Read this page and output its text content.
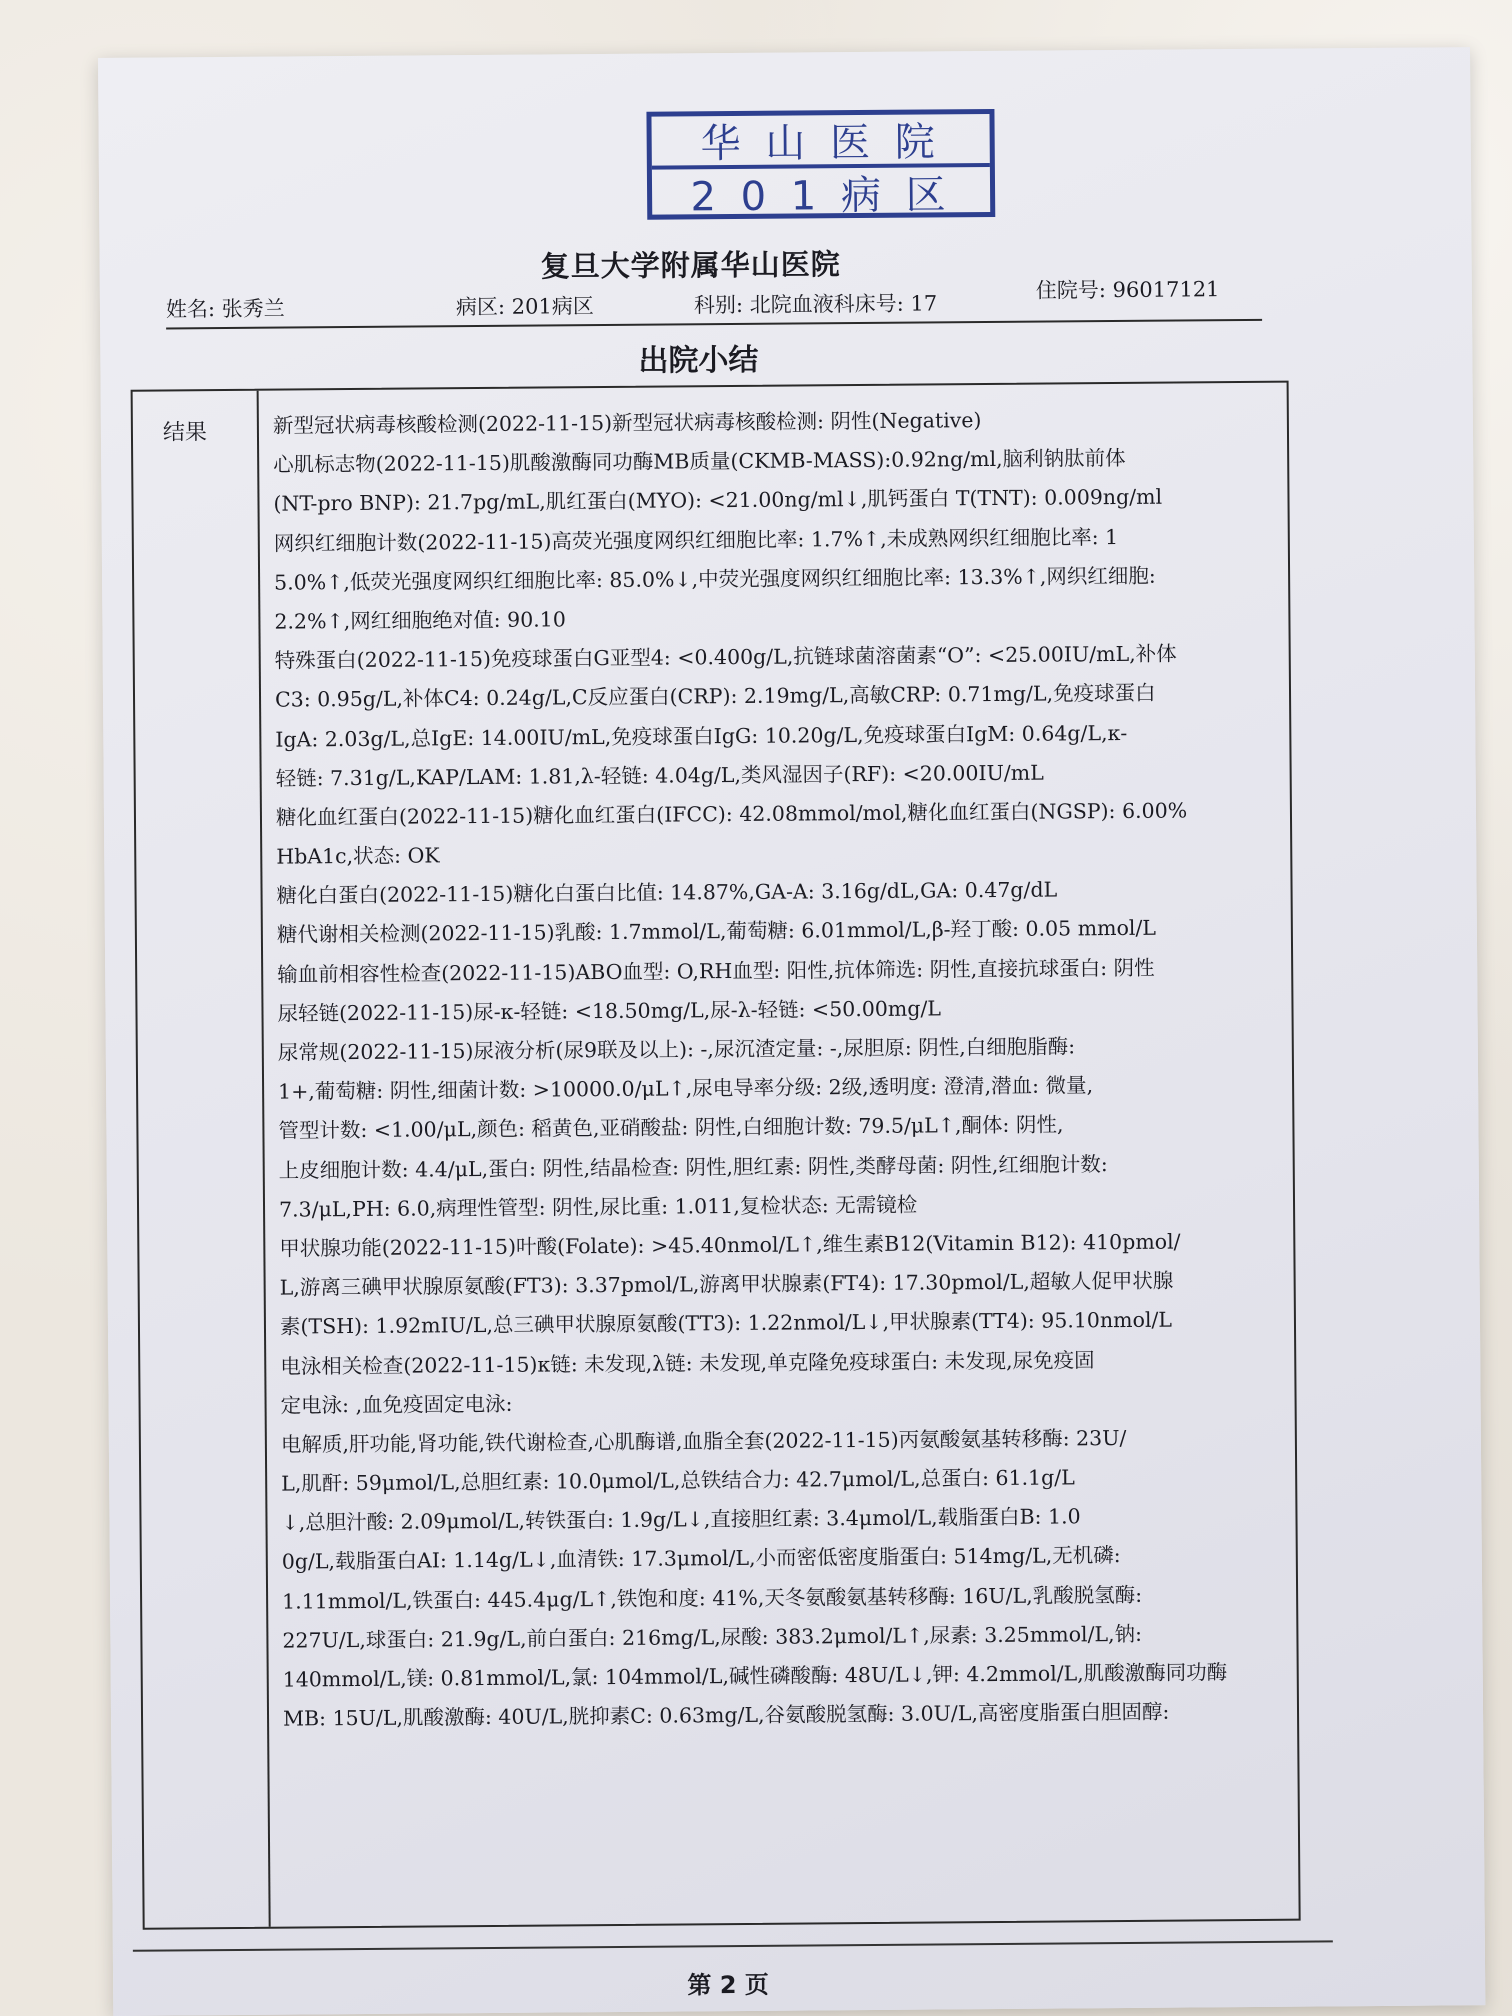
华 山 医 院
2 0 1 病 区
复旦大学附属华山医院
姓名: 张秀兰	病区: 201病区	科别: 北院血液科床号: 17
住院号: 96017121
出院小结
结果	新型冠状病毒核酸检测(2022-11-15)新型冠状病毒核酸检测: 阴性(Negative)
心肌标志物(2022-11-15)肌酸激酶同功酶MB质量(CKMB-MASS):0.92ng/ml,脑利钠肽前体
(NT-pro BNP): 21.7pg/mL,肌红蛋白(MYO): <21.00ng/ml↓,肌钙蛋白 T(TNT): 0.009ng/ml
网织红细胞计数(2022-11-15)高荧光强度网织红细胞比率: 1.7%↑,未成熟网织红细胞比率: 1
5.0%↑,低荧光强度网织红细胞比率: 85.0%↓,中荧光强度网织红细胞比率: 13.3%↑,网织红细胞:
2.2%↑,网红细胞绝对值: 90.10
特殊蛋白(2022-11-15)免疫球蛋白G亚型4: <0.400g/L,抗链球菌溶菌素“O”: <25.00IU/mL,补体
C3: 0.95g/L,补体C4: 0.24g/L,C反应蛋白(CRP): 2.19mg/L,高敏CRP: 0.71mg/L,免疫球蛋白
IgA: 2.03g/L,总IgE: 14.00IU/mL,免疫球蛋白IgG: 10.20g/L,免疫球蛋白IgM: 0.64g/L,κ-
轻链: 7.31g/L,KAP/LAM: 1.81,λ-轻链: 4.04g/L,类风湿因子(RF): <20.00IU/mL
糖化血红蛋白(2022-11-15)糖化血红蛋白(IFCC): 42.08mmol/mol,糖化血红蛋白(NGSP): 6.00%
HbA1c,状态: OK
糖化白蛋白(2022-11-15)糖化白蛋白比值: 14.87%,GA-A: 3.16g/dL,GA: 0.47g/dL
糖代谢相关检测(2022-11-15)乳酸: 1.7mmol/L,葡萄糖: 6.01mmol/L,β-羟丁酸: 0.05 mmol/L
输血前相容性检查(2022-11-15)ABO血型: O,RH血型: 阳性,抗体筛选: 阴性,直接抗球蛋白: 阴性
尿轻链(2022-11-15)尿-κ-轻链: <18.50mg/L,尿-λ-轻链: <50.00mg/L
尿常规(2022-11-15)尿液分析(尿9联及以上): -,尿沉渣定量: -,尿胆原: 阴性,白细胞脂酶:
1+,葡萄糖: 阴性,细菌计数: >10000.0/μL↑,尿电导率分级: 2级,透明度: 澄清,潜血: 微量,
管型计数: <1.00/μL,颜色: 稻黄色,亚硝酸盐: 阴性,白细胞计数: 79.5/μL↑,酮体: 阴性,
上皮细胞计数: 4.4/μL,蛋白: 阴性,结晶检查: 阴性,胆红素: 阴性,类酵母菌: 阴性,红细胞计数:
7.3/μL,PH: 6.0,病理性管型: 阴性,尿比重: 1.011,复检状态: 无需镜检
甲状腺功能(2022-11-15)叶酸(Folate): >45.40nmol/L↑,维生素B12(Vitamin B12): 410pmol/
L,游离三碘甲状腺原氨酸(FT3): 3.37pmol/L,游离甲状腺素(FT4): 17.30pmol/L,超敏人促甲状腺
素(TSH): 1.92mIU/L,总三碘甲状腺原氨酸(TT3): 1.22nmol/L↓,甲状腺素(TT4): 95.10nmol/L
电泳相关检查(2022-11-15)κ链: 未发现,λ链: 未发现,单克隆免疫球蛋白: 未发现,尿免疫固
定电泳: ,血免疫固定电泳:
电解质,肝功能,肾功能,铁代谢检查,心肌酶谱,血脂全套(2022-11-15)丙氨酸氨基转移酶: 23U/
L,肌酐: 59μmol/L,总胆红素: 10.0μmol/L,总铁结合力: 42.7μmol/L,总蛋白: 61.1g/L
↓,总胆汁酸: 2.09μmol/L,转铁蛋白: 1.9g/L↓,直接胆红素: 3.4μmol/L,载脂蛋白B: 1.0
0g/L,载脂蛋白AI: 1.14g/L↓,血清铁: 17.3μmol/L,小而密低密度脂蛋白: 514mg/L,无机磷:
1.11mmol/L,铁蛋白: 445.4μg/L↑,铁饱和度: 41%,天冬氨酸氨基转移酶: 16U/L,乳酸脱氢酶:
227U/L,球蛋白: 21.9g/L,前白蛋白: 216mg/L,尿酸: 383.2μmol/L↑,尿素: 3.25mmol/L,钠:
140mmol/L,镁: 0.81mmol/L,氯: 104mmol/L,碱性磷酸酶: 48U/L↓,钾: 4.2mmol/L,肌酸激酶同功酶
MB: 15U/L,肌酸激酶: 40U/L,胱抑素C: 0.63mg/L,谷氨酸脱氢酶: 3.0U/L,高密度脂蛋白胆固醇:
第 2 页
